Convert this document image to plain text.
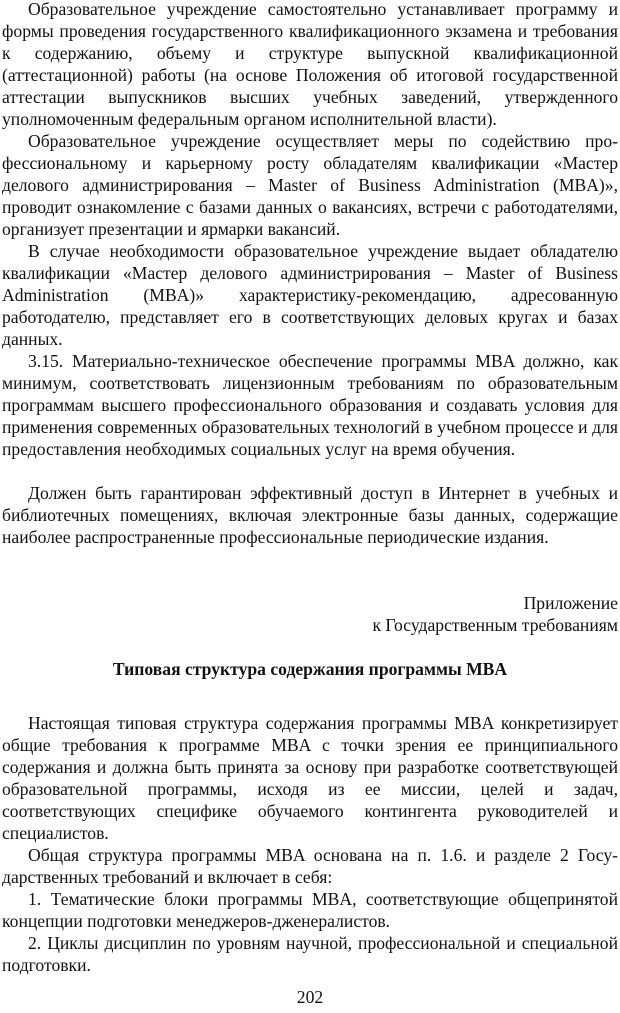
Образовательное учреждение самостоятельно устанавливает программу и формы проведения государственного квалификационного экзамена и требования к содержанию, объему и структуре выпускной квалификационной (аттестационной) работы (на основе Положения об итоговой государственной аттестации выпускников высших учебных заведений, утвержденного уполномоченным федеральным органом исполнительной власти).

Образовательное учреждение осуществляет меры по содействию профессиональному и карьерному росту обладателям квалификации «Мастер делового администрирования – Master of Business Administration (MBA)», проводит ознакомление с базами данных о вакансиях, встречи с работодателями, организует презентации и ярмарки вакансий.

В случае необходимости образовательное учреждение выдает обладателю квалификации «Мастер делового администрирования – Master of Business Administration (MBA)» характеристику-рекомендацию, адресованную работодателю, представляет его в соответствующих деловых кругах и базах данных.

3.15. Материально-техническое обеспечение программы MBA должно, как минимум, соответствовать лицензионным требованиям по образовательным программам высшего профессионального образования и создавать условия для применения современных образовательных технологий в учебном процессе и для предоставления необходимых социальных услуг на время обучения.

Должен быть гарантирован эффективный доступ в Интернет в учебных и библиотечных помещениях, включая электронные базы данных, содержащие наиболее распространенные профессиональные периодические издания.

Приложение

к Государственным требованиям

Типовая структура содержания программы MBA

Настоящая типовая структура содержания программы MBA конкретизирует общие требования к программе MBA с точки зрения ее принципиального содержания и должна быть принята за основу при разработке соответствующей образовательной программы, исходя из ее миссии, целей и задач, соответствующих специфике обучаемого контингента руководителей и специалистов.

Общая структура программы MBA основана на п. 1.6. и разделе 2 Государственных требований и включает в себя:

1. Тематические блоки программы MBA, соответствующие общепринятой концепции подготовки менеджеров-дженералистов.

2. Циклы дисциплин по уровням научной, профессиональной и специальной подготовки.

202
